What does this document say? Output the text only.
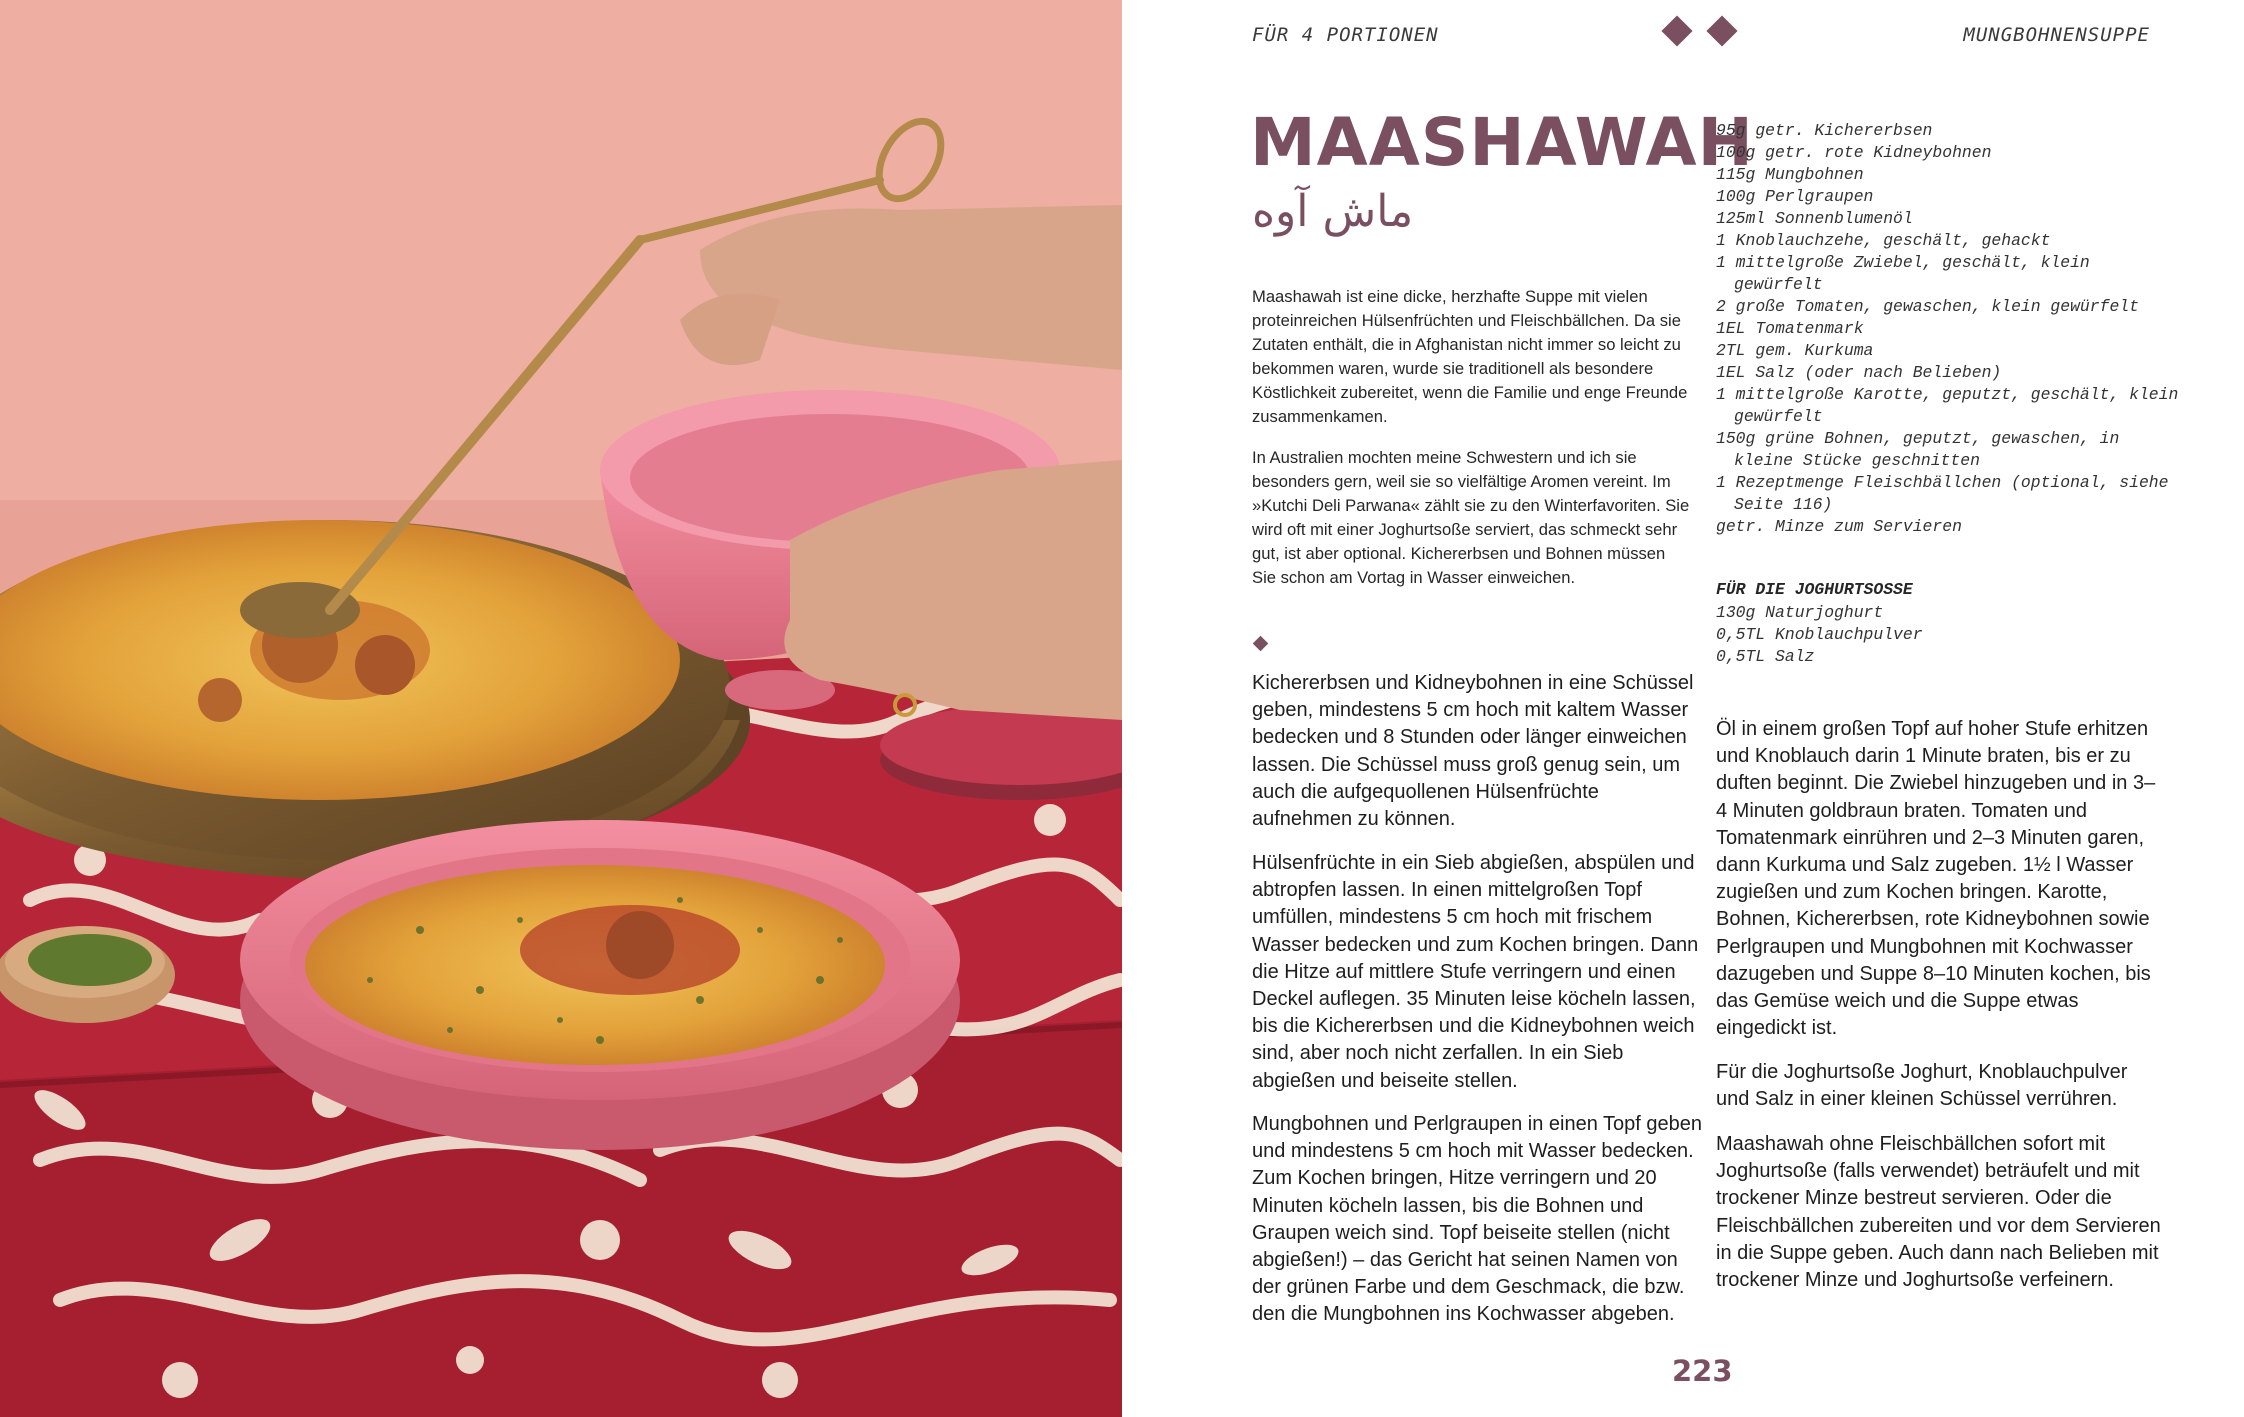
FÜR 4 PORTIONEN	MUNGBOHNENSUPPE
MAASHAWAH
ماش آوه

Maashawah ist eine dicke, herzhafte Suppe mit vielen proteinreichen Hülsenfrüchten und Fleischbällchen. Da sie Zutaten enthält, die in Afghanistan nicht immer so leicht zu bekommen waren, wurde sie traditionell als besondere Köstlichkeit zubereitet, wenn die Familie und enge Freunde zusammenkamen.

In Australien mochten meine Schwestern und ich sie besonders gern, weil sie so vielfältige Aromen vereint. Im »Kutchi Deli Parwana« zählt sie zu den Winterfavoriten. Sie wird oft mit einer Joghurtsoße serviert, das schmeckt sehr gut, ist aber optional. Kichererbsen und Bohnen müssen Sie schon am Vortag in Wasser einweichen.

Kichererbsen und Kidneybohnen in eine Schüssel geben, mindestens 5 cm hoch mit kaltem Wasser bedecken und 8 Stunden oder länger einweichen lassen. Die Schüssel muss groß genug sein, um auch die aufgequollenen Hülsenfrüchte aufnehmen zu können.

Hülsenfrüchte in ein Sieb abgießen, abspülen und abtropfen lassen. In einen mittelgroßen Topf umfüllen, mindestens 5 cm hoch mit frischem Wasser bedecken und zum Kochen bringen. Dann die Hitze auf mittlere Stufe verringern und einen Deckel auflegen. 35 Minuten leise köcheln lassen, bis die Kichererbsen und die Kidneybohnen weich sind, aber noch nicht zerfallen. In ein Sieb abgießen und beiseite stellen.

Mungbohnen und Perlgraupen in einen Topf geben und mindestens 5 cm hoch mit Wasser bedecken. Zum Kochen bringen, Hitze verringern und 20 Minuten köcheln lassen, bis die Bohnen und Graupen weich sind. Topf beiseite stellen (nicht abgießen!) – das Gericht hat seinen Namen von der grünen Farbe und dem Geschmack, die bzw. den die Mungbohnen ins Kochwasser abgeben.

95g getr. Kichererbsen
100g getr. rote Kidneybohnen
115g Mungbohnen
100g Perlgraupen
125ml Sonnenblumenöl
1 Knoblauchzehe, geschält, gehackt
1 mittelgroße Zwiebel, geschält, klein gewürfelt
2 große Tomaten, gewaschen, klein gewürfelt
1EL Tomatenmark
2TL gem. Kurkuma
1EL Salz (oder nach Belieben)
1 mittelgroße Karotte, geputzt, geschält, klein gewürfelt
150g grüne Bohnen, geputzt, gewaschen, in kleine Stücke geschnitten
1 Rezeptmenge Fleischbällchen (optional, siehe Seite 116)
getr. Minze zum Servieren
FÜR DIE JOGHURTSOSSE
130g Naturjoghurt
0,5TL Knoblauchpulver
0,5TL Salz

Öl in einem großen Topf auf hoher Stufe erhitzen und Knoblauch darin 1 Minute braten, bis er zu duften beginnt. Die Zwiebel hinzugeben und in 3–4 Minuten goldbraun braten. Tomaten und Tomatenmark einrühren und 2–3 Minuten garen, dann Kurkuma und Salz zugeben. 1½ l Wasser zugießen und zum Kochen bringen. Karotte, Bohnen, Kichererbsen, rote Kidneybohnen sowie Perlgraupen und Mungbohnen mit Kochwasser dazugeben und Suppe 8–10 Minuten kochen, bis das Gemüse weich und die Suppe etwas eingedickt ist.

Für die Joghurtsoße Joghurt, Knoblauchpulver und Salz in einer kleinen Schüssel verrühren.

Maashawah ohne Fleischbällchen sofort mit Joghurtsoße (falls verwendet) beträufelt und mit trockener Minze bestreut servieren. Oder die Fleischbällchen zubereiten und vor dem Servieren in die Suppe geben. Auch dann nach Belieben mit trockener Minze und Joghurtsoße verfeinern.

223
